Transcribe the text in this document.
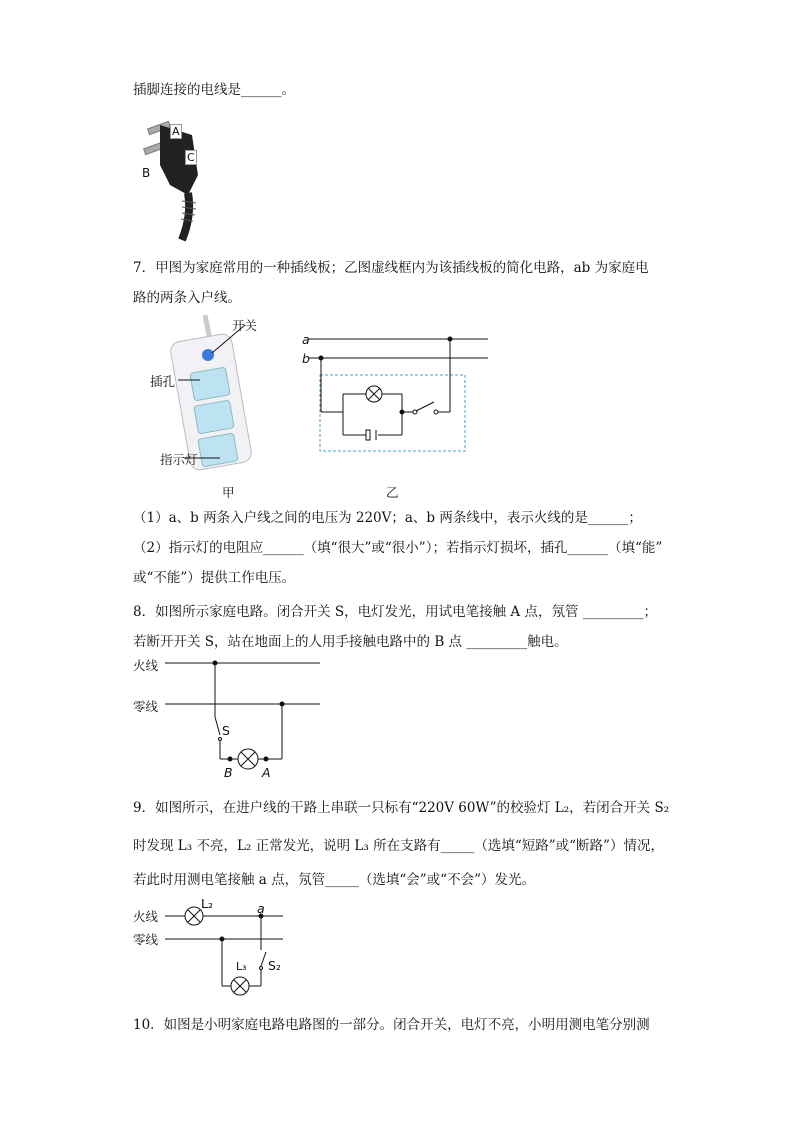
插脚连接的电线是______。
A
B
C
7．甲图为家庭常用的一种插线板；乙图虚线框内为该插线板的简化电路，ab 为家庭电
路的两条入户线。
开关
插孔
指示灯
甲
a
b
乙
（1）a、b 两条入户线之间的电压为 220V；a、b 两条线中，表示火线的是______；
（2）指示灯的电阻应______（填“很大”或“很小”）；若指示灯损坏，插孔______（填“能”
或“不能”）提供工作电压。
8．如图所示家庭电路。闭合开关 S，电灯发光，用试电笔接触 A 点，氖管 _________；
若断开开关 S，站在地面上的人用手接触电路中的 B 点 _________触电。
火线
零线
S
B A
9．如图所示，在进户线的干路上串联一只标有“220V 60W”的校验灯 L₂，若闭合开关 S₂
时发现 L₃ 不亮，L₂ 正常发光，说明 L₃ 所在支路有_____（选填“短路”或“断路”）情况，
若此时用测电笔接触 a 点，氖管_____（选填“会”或“不会”）发光。
火线
零线
L₂	a
L₃ S₂
10．如图是小明家庭电路电路图的一部分。闭合开关，电灯不亮，小明用测电笔分别测
